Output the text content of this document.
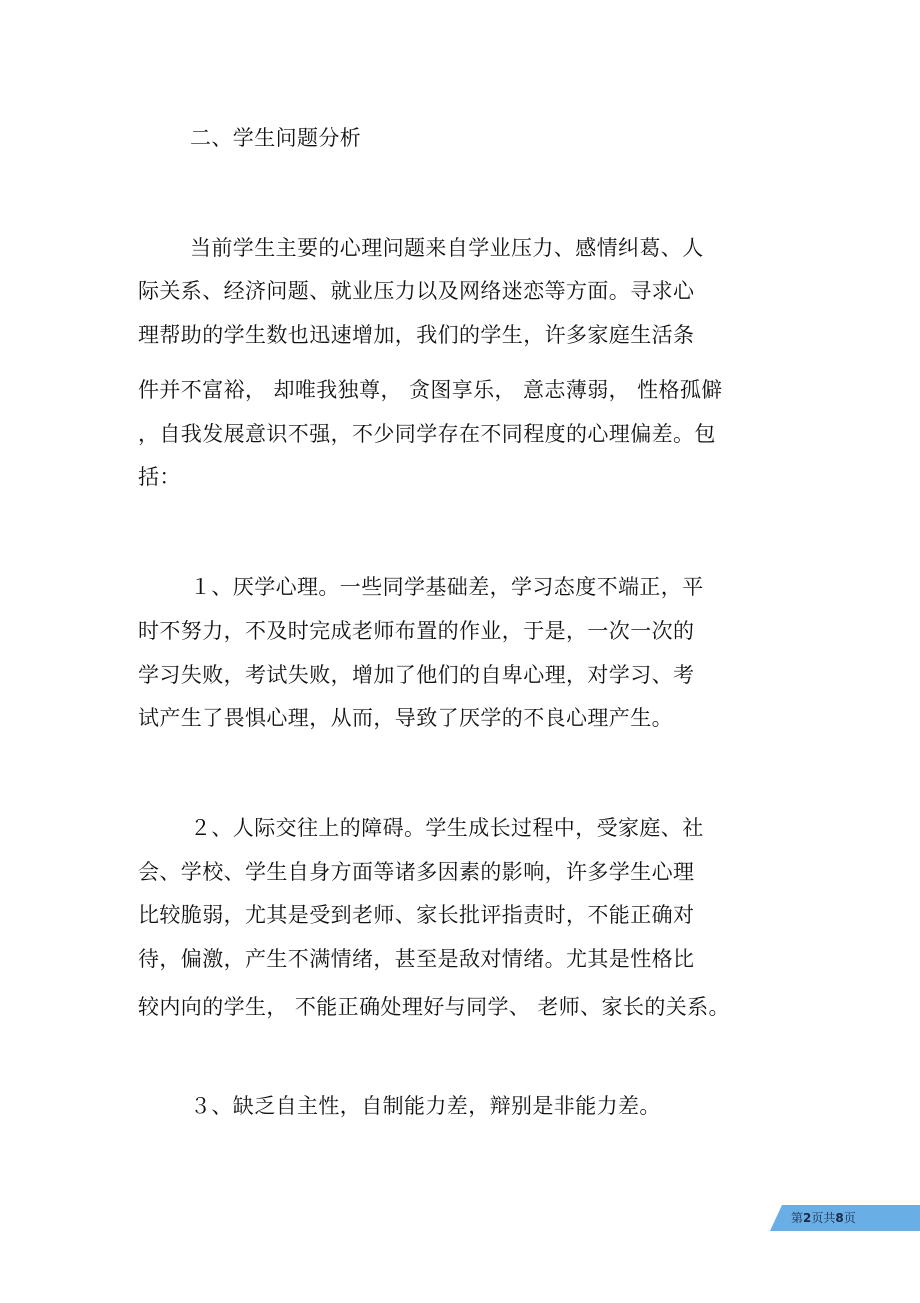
二、学生问题分析
当前学生主要的心理问题来自学业压力、感情纠葛、人
际关系、经济问题、就业压力以及网络迷恋等方面。寻求心
理帮助的学生数也迅速增加，我们的学生，许多家庭生活条
件并不富裕， 却唯我独尊， 贪图享乐， 意志薄弱， 性格孤僻
，自我发展意识不强，不少同学存在不同程度的心理偏差。包
括：
１、厌学心理。一些同学基础差，学习态度不端正，平
时不努力，不及时完成老师布置的作业，于是，一次一次的
学习失败，考试失败，增加了他们的自卑心理，对学习、考
试产生了畏惧心理，从而，导致了厌学的不良心理产生。
２、人际交往上的障碍。学生成长过程中，受家庭、社
会、学校、学生自身方面等诸多因素的影响，许多学生心理
比较脆弱，尤其是受到老师、家长批评指责时，不能正确对
待，偏激，产生不满情绪，甚至是敌对情绪。尤其是性格比
较内向的学生， 不能正确处理好与同学、 老师、家长的关系。
３、缺乏自主性，自制能力差，辩别是非能力差。
第2页共8页
